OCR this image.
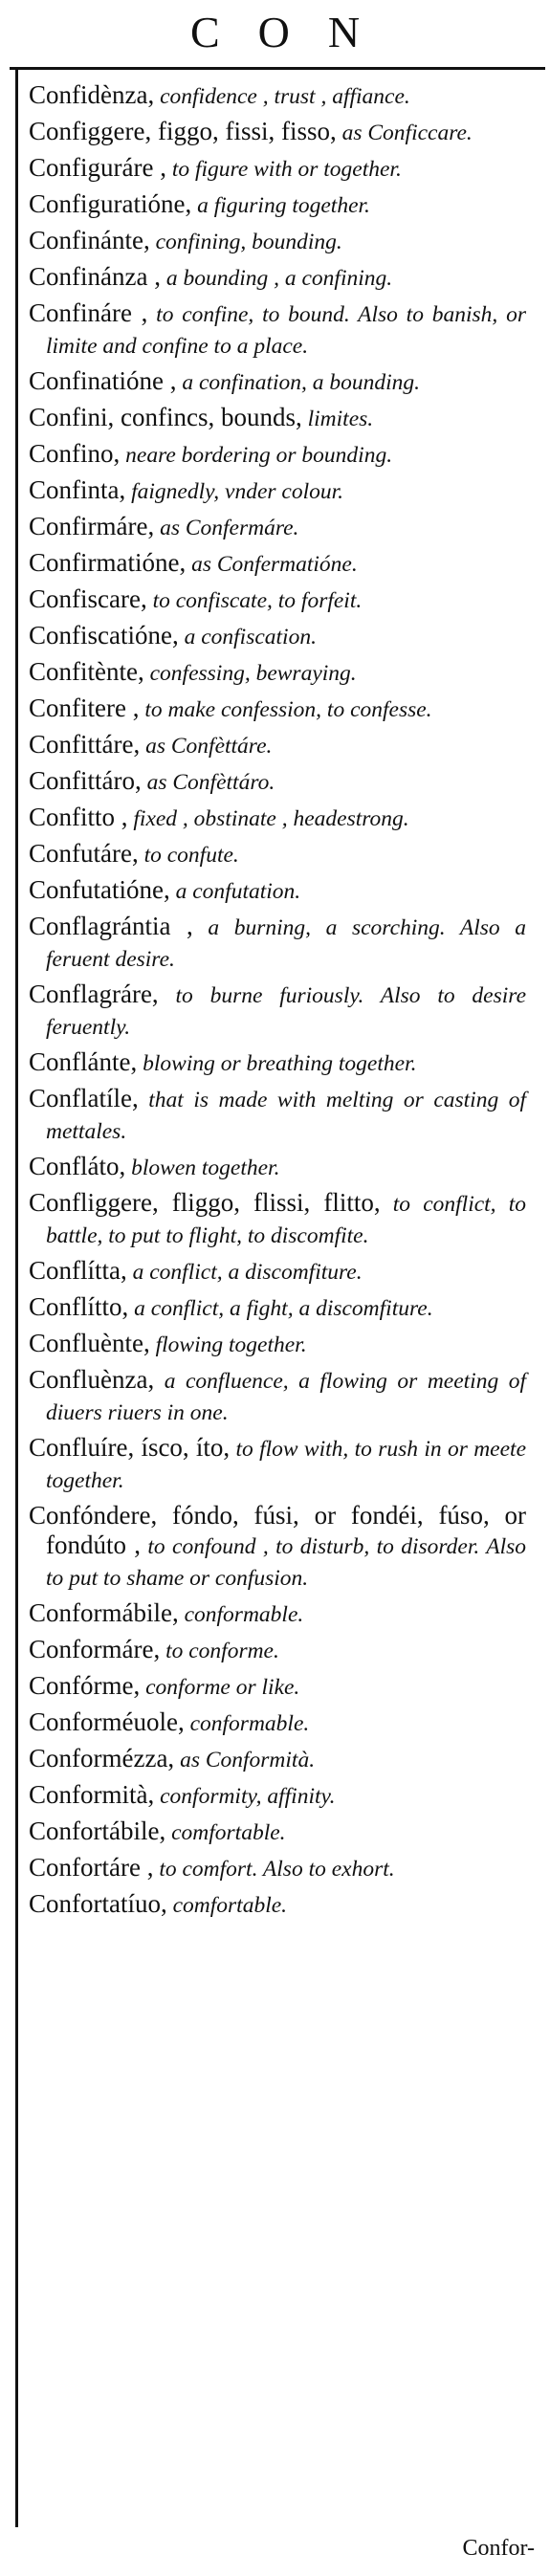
CON
Confidènza, confidence , trust , affiance.
Configgere, figgo, fissi, fisso, as Conficcare.
Configuráre , to figure with or together.
Configuratióne, a figuring together.
Confinánte, confining, bounding.
Confinánza , a bounding , a confining.
Confináre , to confine, to bound. Also to banish, or limite and confine to a place.
Confinatióne , a confination, a bounding.
Confini, confincs, bounds, limites.
Confino, neare bordering or bounding.
Confinta, faignedly, vnder colour.
Confirmáre, as Confermáre.
Confirmatióne, as Confermatióne.
Confiscare, to confiscate, to forfeit.
Confiscatióne, a confiscation.
Confitènte, confessing, bewraying.
Confitere , to make confession, to confesse.
Confittáre, as Confèttáre.
Confittáro, as Confèttáro.
Confitto , fixed , obstinate , headestrong.
Confutáre, to confute.
Confutatióne, a confutation.
Conflagrántia , a burning, a scorching. Also a feruent desire.
Conflagráre, to burne furiously. Also to desire feruently.
Conflánte, blowing or breathing together.
Conflatíle, that is made with melting or casting of mettales.
Confláto, blowen together.
Confliggere, fliggo, flissi, flitto, to conflict, to battle, to put to flight, to discomfite.
Conflítta, a conflict, a discomfiture.
Conflítto, a conflict, a fight, a discomfiture.
Confluènte, flowing together.
Confluènza, a confluence, a flowing or meeting of diuers riuers in one.
Confluíre, ísco, íto, to flow with, to rush in or meete together.
Confóndere, fóndo, fúsi, or fondéi, fúso, or fondúto , to confound , to disturb, to disorder. Also to put to shame or confusion.
Conformábile, conformable.
Conformáre, to conforme.
Confórme, conforme or like.
Conforméuole, conformable.
Conformézza, as Conformità.
Conformità, conformity, affinity.
Confortábile, comfortable.
Confortáre , to comfort. Also to exhort.
Confortatíuo, comfortable.
Confor-
